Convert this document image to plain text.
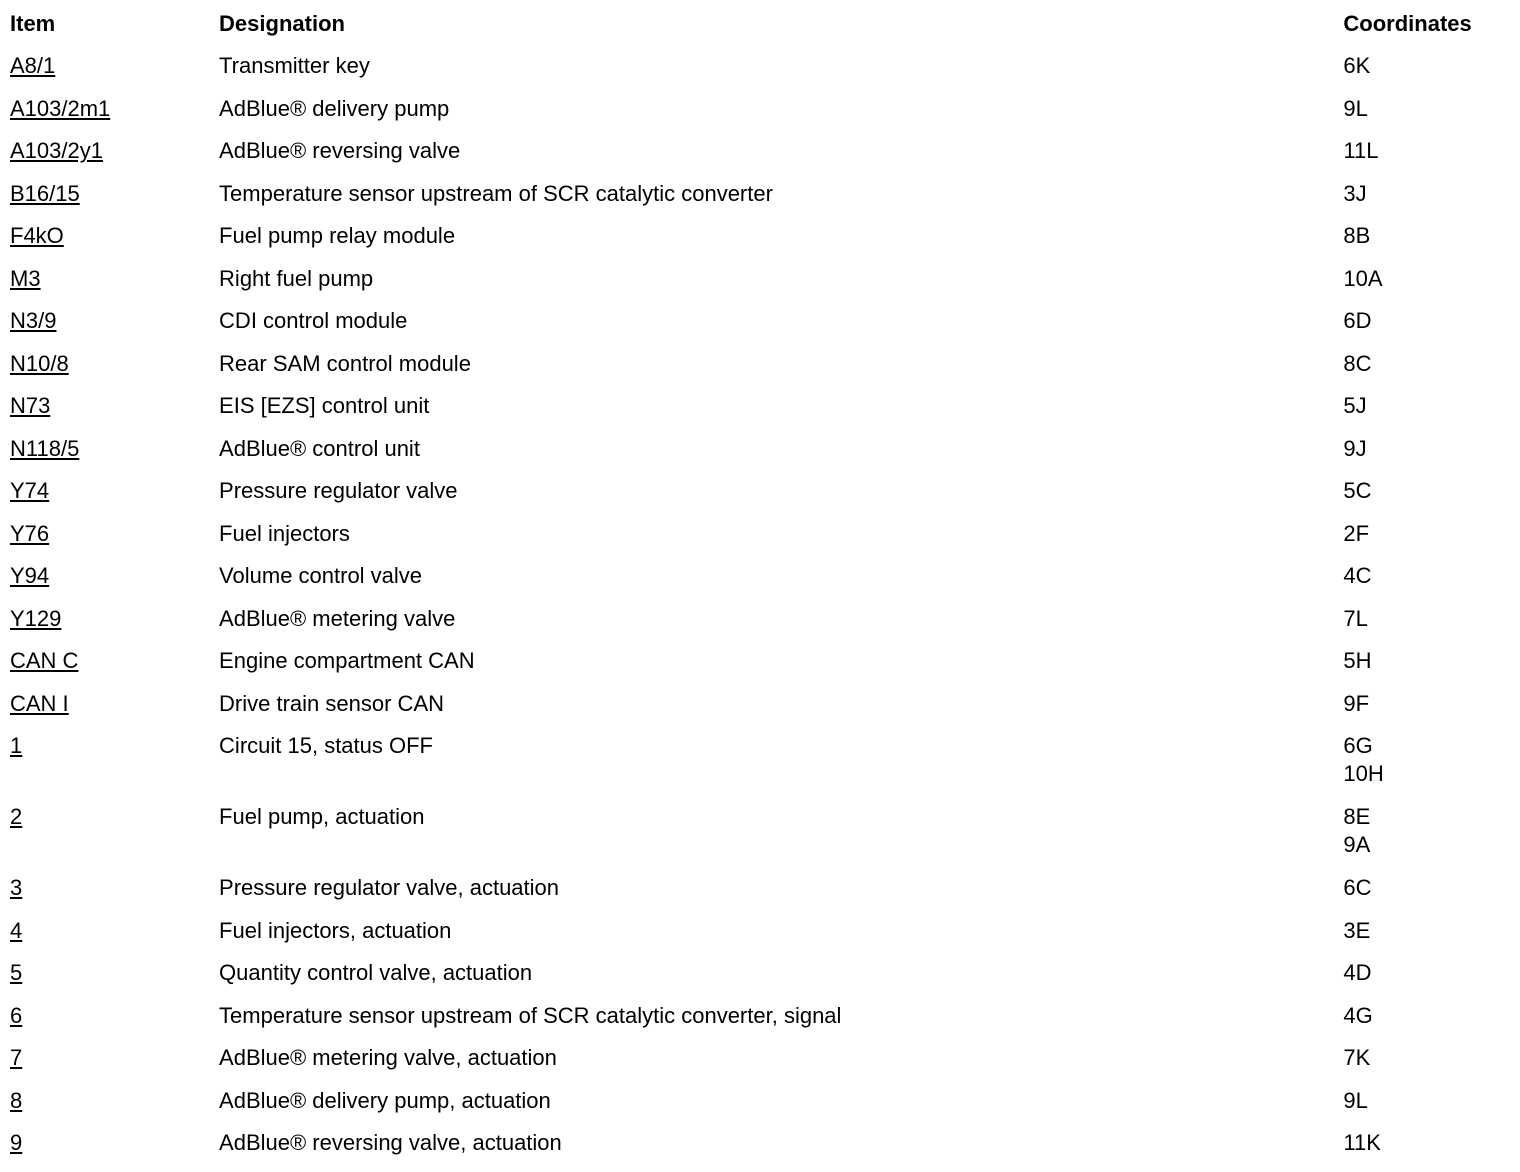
Item	Designation	Coordinates
A8/1	Transmitter key	6K

A103/2m1	AdBlue® delivery pump	9L

A103/2y1	AdBlue® reversing valve	11L

B16/15	Temperature sensor upstream of SCR catalytic converter	3J

F4kO	Fuel pump relay module	8B

M3	Right fuel pump	10A

N3/9	CDI control module	6D

N10/8	Rear SAM control module	8C

N73	EIS [EZS] control unit	5J

N118/5	AdBlue® control unit	9J

Y74	Pressure regulator valve	5C

Y76	Fuel injectors	2F

Y94	Volume control valve	4C

Y129	AdBlue® metering valve	7L

CAN C	Engine compartment CAN	5H

CAN I	Drive train sensor CAN	9F

1	Circuit 15, status OFF	6G
10H

2	Fuel pump, actuation	8E
9A

3	Pressure regulator valve, actuation	6C

4	Fuel injectors, actuation	3E

5	Quantity control valve, actuation	4D

6	Temperature sensor upstream of SCR catalytic converter, signal	4G

7	AdBlue® metering valve, actuation	7K

8	AdBlue® delivery pump, actuation	9L

9	AdBlue® reversing valve, actuation	11K
